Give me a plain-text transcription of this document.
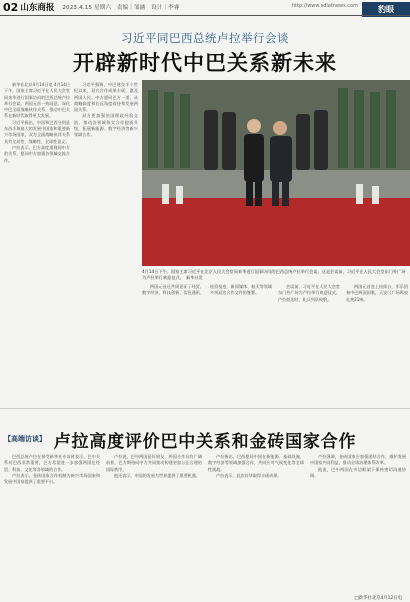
02 山东商报 2023.4.15 星期六　责编｜邹涵　设计｜李睿	http://www.sdlatnews.com	豹眼
习近平同巴西总统卢拉举行会谈
开辟新时代中巴关系新未来

新华社北京4月14日电 4月14日下午，国家主席习近平在人民大会堂同来华进行国事访问的巴西总统卢拉举行会谈。两国元首一致同意，深化中巴全面战略伙伴关系，推动中巴关系在新时代取得更大发展。

习近平指出，中国和巴西分别是东西半球最大的发展中国家和重要新兴市场国家，双方全面战略伙伴关系具有全局性、战略性、全球性意义。

卢拉表示，巴方高度重视同中方的关系，愿同中方加强各领域交流合作。

习近平强调，中巴建交半个世纪以来，双方合作成果丰硕，惠及两国人民。中方愿同巴方一道，从战略高度和长远角度看待和发展两国关系。

双方要加强治国理政经验交流，推动各领域务实合作提质升级，拓展新能源、数字经济等新兴领域合作。

4月14日下午，国家主席习近平在北京人民大会堂同来华进行国事访问的巴西总统卢拉举行会谈。这是会谈前，习近平在人民大会堂东门外广场为卢拉举行欢迎仪式。　新华社发

两国元首还共同见证了经贸、数字经济、科技创新、信息通讯、检验检疫、新闻媒体、航天等领域多项双边合作文件的签署。

会谈前，习近平在人民大会堂东门外广场为卢拉举行欢迎仪式。卢拉抵达时，礼兵列队致敬。

两国元首登上检阅台，军乐团奏中巴两国国歌，天安门广场鸣放礼炮21响。

【高端访谈】 卢拉高度评价巴中关系和金砖国家合作

巴西总统卢拉在接受新华社专访时表示，巴中关系对巴西非常重要，巴方希望进一步加强两国在经贸、科技、文化等各领域的合作。

卢拉表示，金砖国家合作机制为新兴市场国家和发展中国家提供了重要平台。

卢拉说，巴中两国是好朋友，两国合作具有广阔前景，巴方期待同中方共同推动构建更加公正合理的国际秩序。

他还表示，中国的发展为世界提供了重要机遇。

卢拉指出，巴西愿同中国在新能源、基础设施、数字经济等领域加强合作，共同应对气候变化等全球性挑战。

卢拉表示，此次访华取得丰硕成果。

卢拉强调，金砖国家应加强团结合作，维护发展中国家共同利益，推动全球治理体系改革。

他说，巴中两国在多边框架下保持密切沟通协调。

□新华社北京4月12日电
